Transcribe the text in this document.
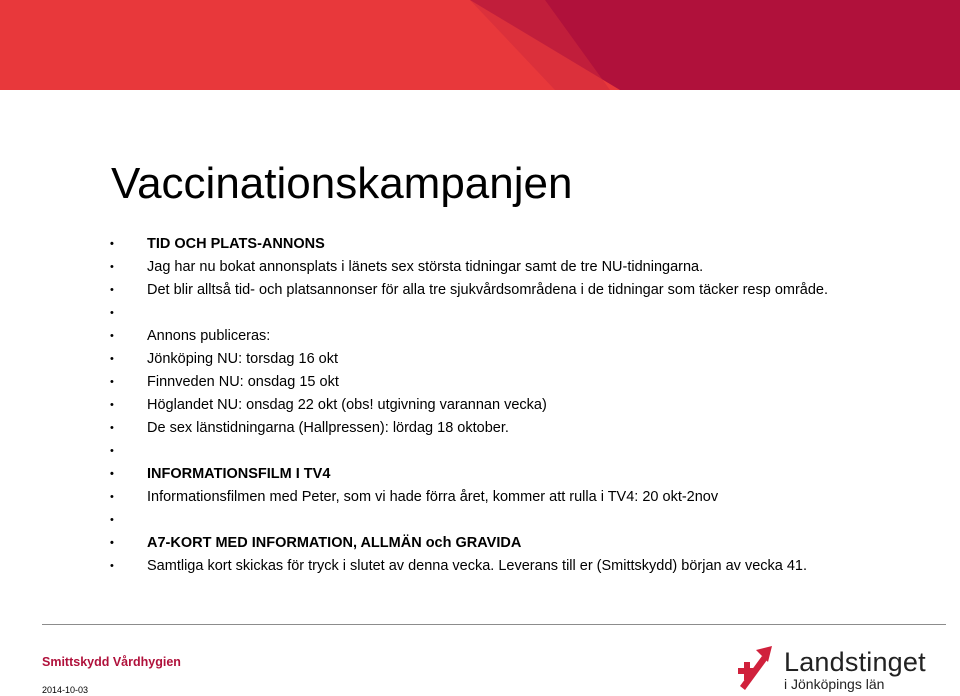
Vaccinationskampanjen
• TID OCH PLATS-ANNONS
• Jag har nu bokat annonsplats i länets sex största tidningar samt de tre NU-tidningarna.
• Det blir alltså tid- och platsannonser för alla tre sjukvårdsområdena i de tidningar som täcker resp område.
•
• Annons publiceras:
• Jönköping NU: torsdag 16 okt
• Finnveden NU: onsdag 15 okt
• Höglandet NU: onsdag 22 okt (obs! utgivning varannan vecka)
• De sex länstidningarna (Hallpressen): lördag 18 oktober.
•
• INFORMATIONSFILM I TV4
• Informationsfilmen med Peter, som vi hade förra året, kommer att rulla i TV4: 20 okt-2nov
•
• A7-KORT MED INFORMATION, ALLMÄN och GRAVIDA
• Samtliga kort skickas för tryck i slutet av denna vecka. Leverans till er (Smittskydd) början av vecka 41.
Smittskydd Vårdhygien
2014-10-03
Landstinget
i Jönköpings län
